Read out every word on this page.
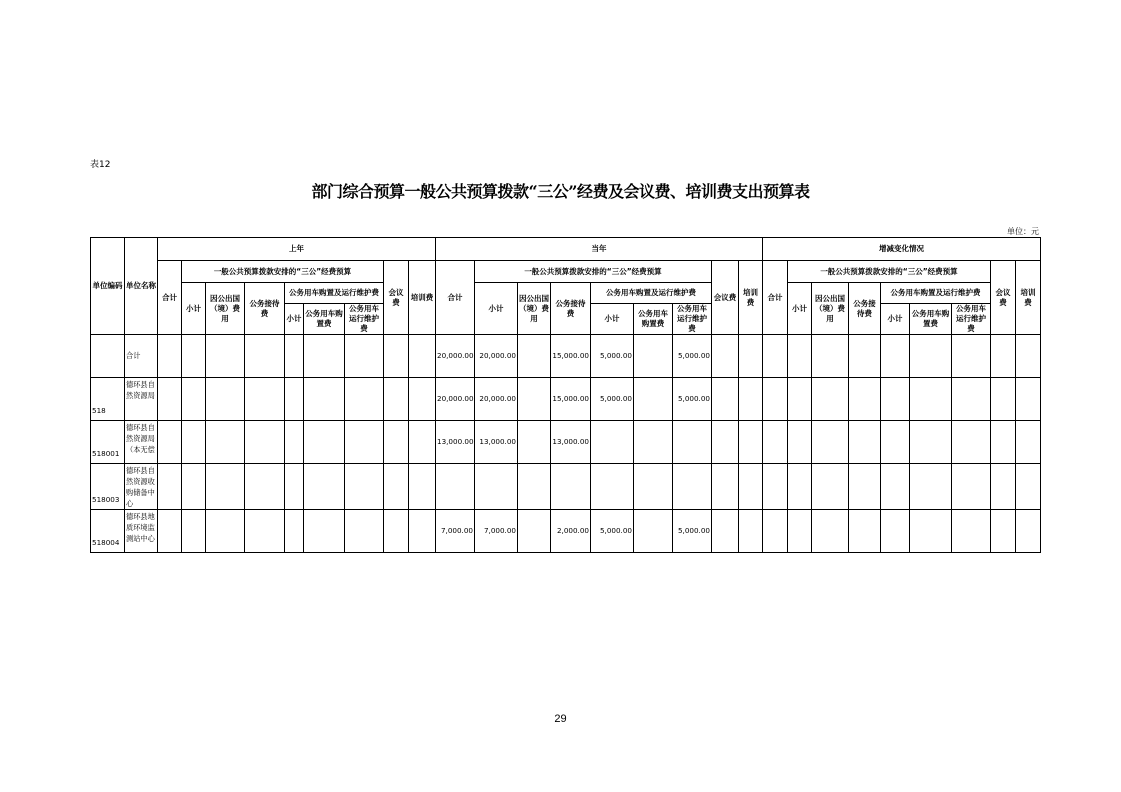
表12
部门综合预算一般公共预算拨款“三公”经费及会议费、培训费支出预算表
单位：元
单位编码	单位名称	上年									当年									增减变化情况								
		合计	一般公共预算拨款安排的“三公”经费预算						会议费	培训费	合计	一般公共预算拨款安排的“三公”经费预算						会议费	培训费	合计	一般公共预算拨款安排的“三公”经费预算						会议费	培训费
			小计	因公出国（境）费用	公务接待费	公务用车购置及运行维护费						小计	因公出国（境）费用	公务接待费	公务用车购置及运行维护费						小计	因公出国（境）费用	公务接待费	公务用车购置及运行维护费				
						小计	公务用车购置费	公务用车运行维护费							小计	公务用车购置费	公务用车运行维护费							小计	公务用车购置费	公务用车运行维护费		
	合计										20,000.00	20,000.00		15,000.00	5,000.00		5,000.00											
518	德环县自然资源局										20,000.00	20,000.00		15,000.00	5,000.00		5,000.00											
518001	德环县自然资源局（本无偿										13,000.00	13,000.00		13,000.00														
518003	德环县自然资源收购储备中心																											
518004	德环县地质环境监测站中心										7,000.00	7,000.00		2,000.00	5,000.00		5,000.00											
29
